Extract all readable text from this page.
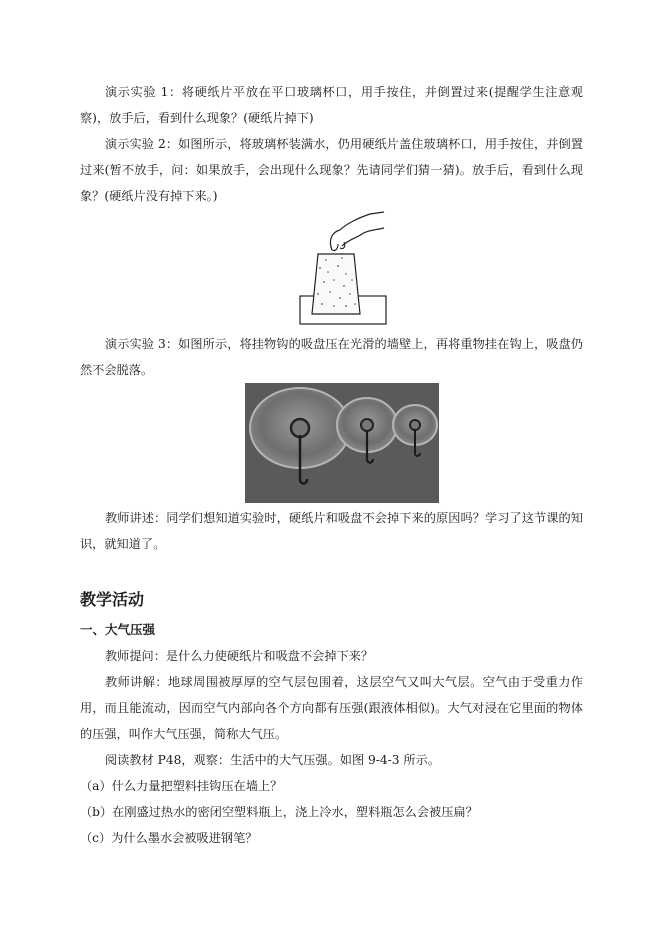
演示实验 1：将硬纸片平放在平口玻璃杯口，用手按住，并倒置过来(提醒学生注意观察)，放手后，看到什么现象？(硬纸片掉下)

演示实验 2：如图所示，将玻璃杯装满水，仍用硬纸片盖住玻璃杯口，用手按住，并倒置过来(暂不放手，问：如果放手，会出现什么现象？先请同学们猜一猜)。放手后，看到什么现象？(硬纸片没有掉下来。)

演示实验 3：如图所示，将挂物钩的吸盘压在光滑的墙壁上，再将重物挂在钩上，吸盘仍然不会脱落。

教师讲述：同学们想知道实验时，硬纸片和吸盘不会掉下来的原因吗？学习了这节课的知识，就知道了。

教学活动
一、大气压强

教师提问：是什么力使硬纸片和吸盘不会掉下来？

教师讲解：地球周围被厚厚的空气层包围着，这层空气又叫大气层。空气由于受重力作用，而且能流动，因而空气内部向各个方向都有压强(跟液体相似)。大气对浸在它里面的物体的压强，叫作大气压强，简称大气压。

阅读教材 P48，观察：生活中的大气压强。如图 9-4-3 所示。

（a）什么力量把塑料挂钩压在墙上？

（b）在刚盛过热水的密闭空塑料瓶上，浇上冷水，塑料瓶怎么会被压扁？

（c）为什么墨水会被吸进钢笔？
